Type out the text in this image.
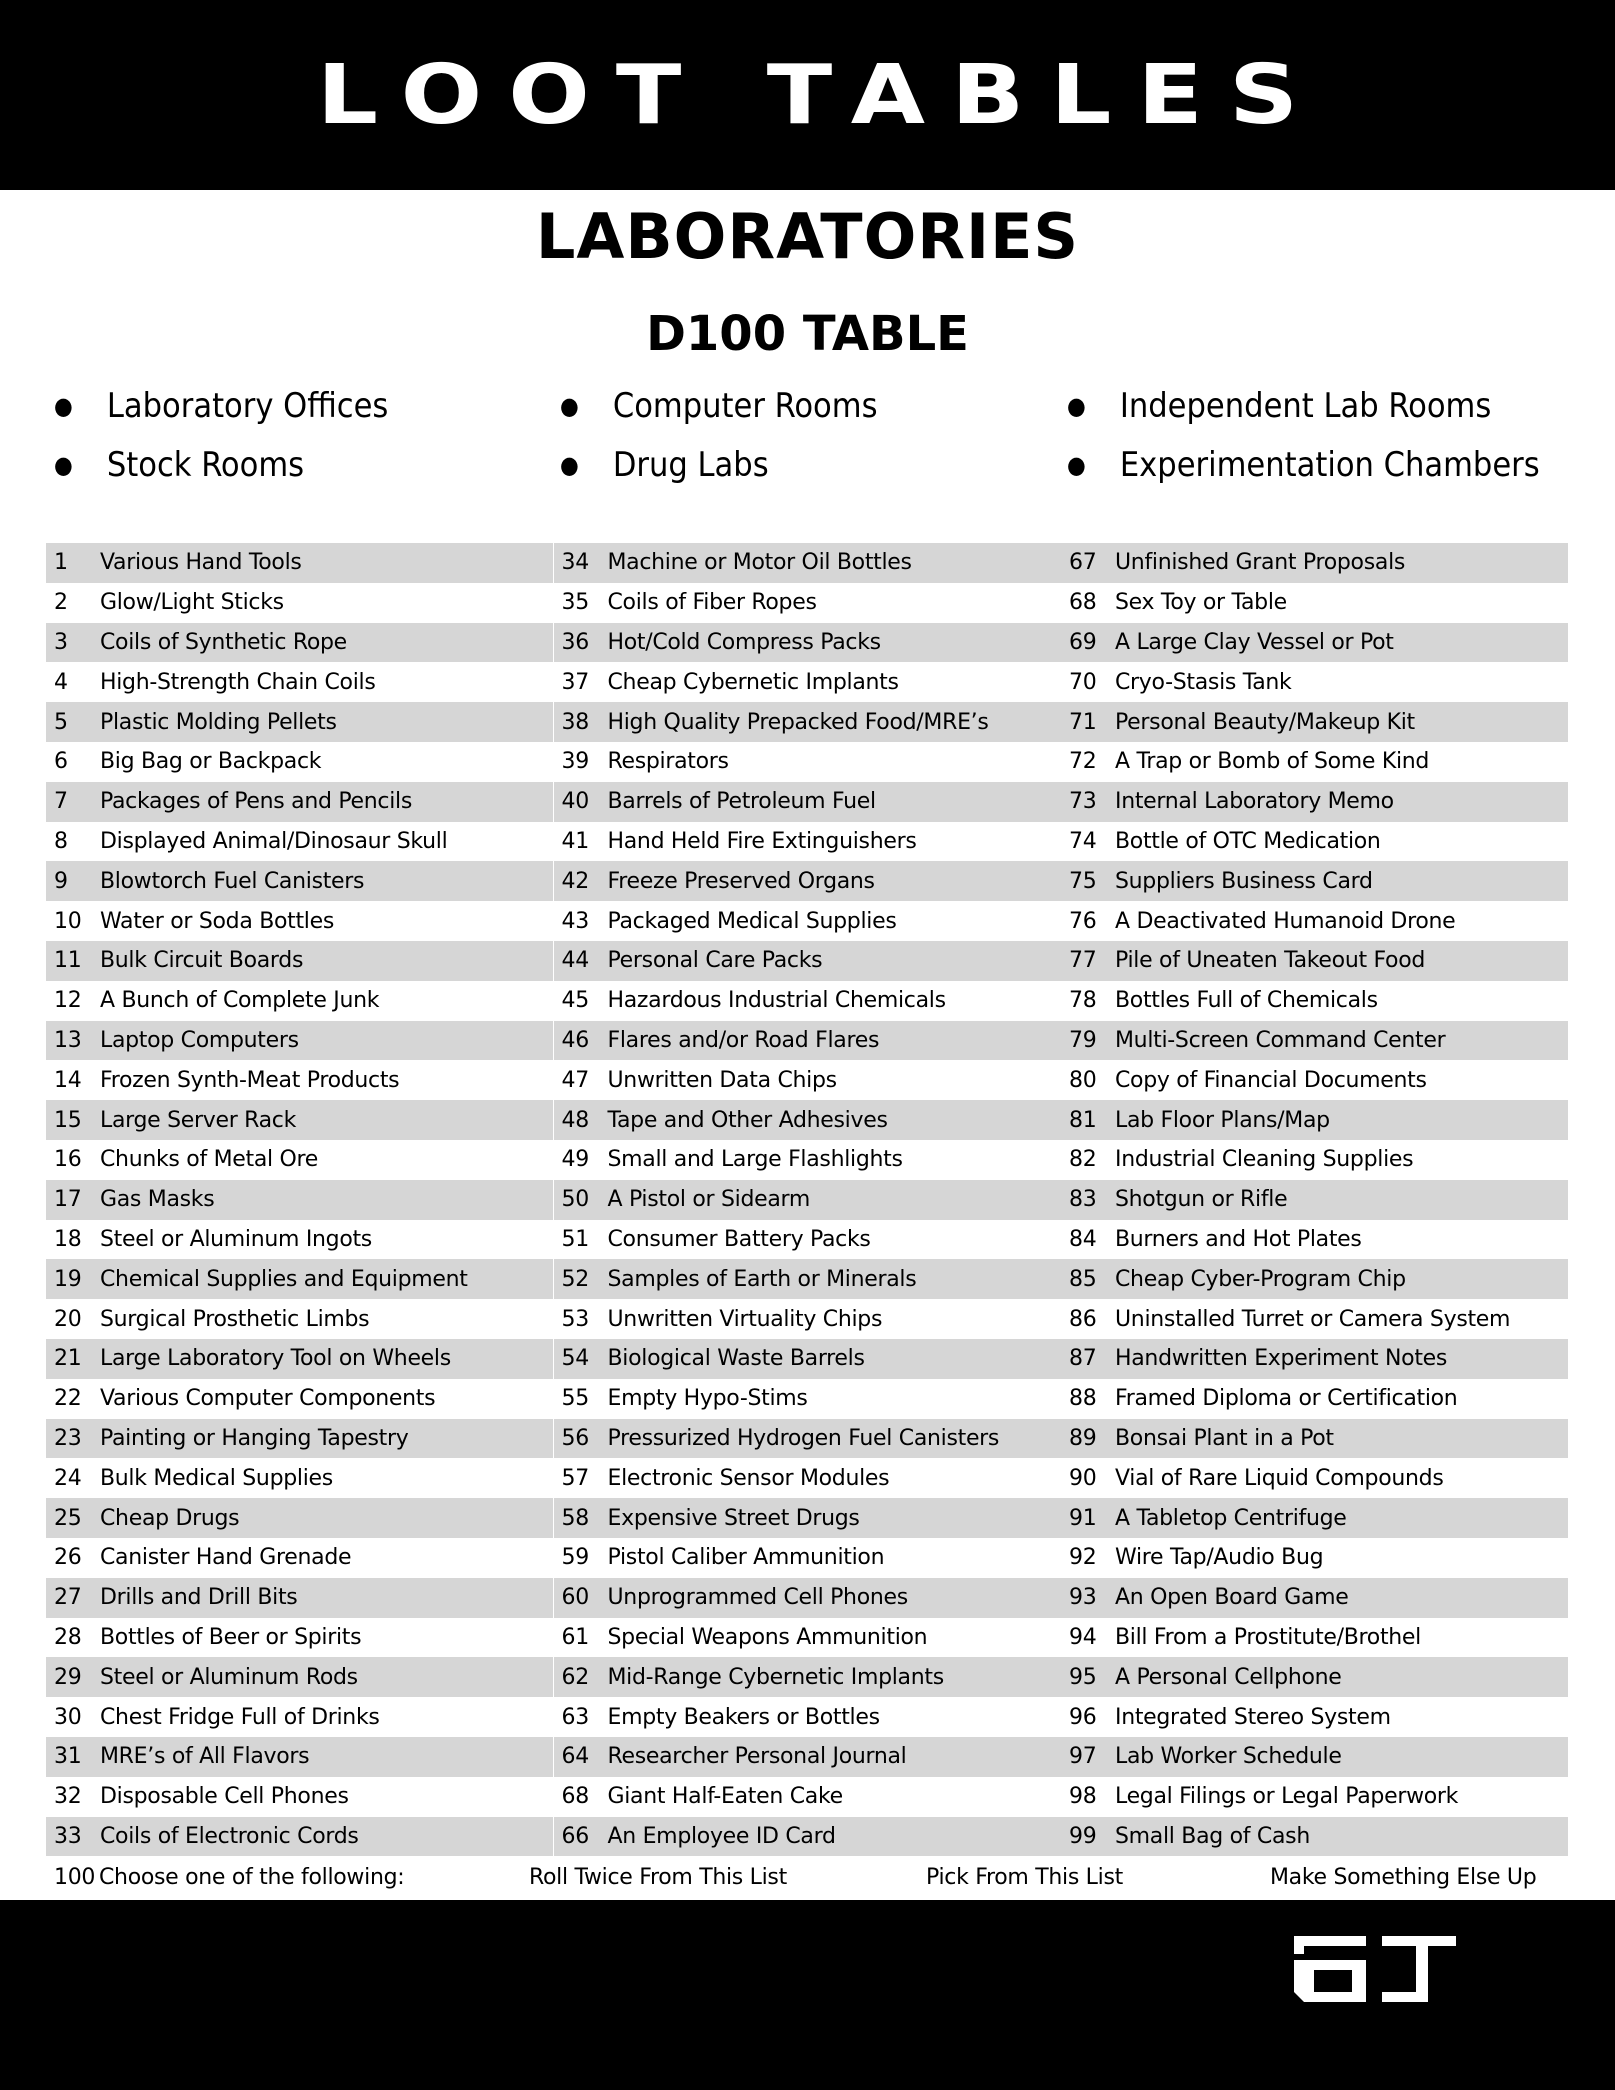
LOOT TABLES
LABORATORIES
D100 TABLE
● Laboratory Offices	● Computer Rooms	● Independent Lab Rooms
● Stock Rooms	● Drug Labs	● Experimentation Chambers
1	Various Hand Tools	34 Machine or Motor Oil Bottles	67 Unfinished Grant Proposals
2	Glow/Light Sticks	35 Coils of Fiber Ropes	68 Sex Toy or Table
3	Coils of Synthetic Rope	36 Hot/Cold Compress Packs	69 A Large Clay Vessel or Pot
4	High-Strength Chain Coils	37 Cheap Cybernetic Implants	70 Cryo-Stasis Tank
5	Plastic Molding Pellets	38 High Quality Prepacked Food/MRE’s	71 Personal Beauty/Makeup Kit
6	Big Bag or Backpack	39 Respirators	72 A Trap or Bomb of Some Kind
7	Packages of Pens and Pencils	40 Barrels of Petroleum Fuel	73 Internal Laboratory Memo
8	Displayed Animal/Dinosaur Skull	41 Hand Held Fire Extinguishers	74 Bottle of OTC Medication
9	Blowtorch Fuel Canisters	42 Freeze Preserved Organs	75 Suppliers Business Card
10 Water or Soda Bottles	43 Packaged Medical Supplies	76 A Deactivated Humanoid Drone
11 Bulk Circuit Boards	44 Personal Care Packs	77 Pile of Uneaten Takeout Food
12 A Bunch of Complete Junk	45 Hazardous Industrial Chemicals	78 Bottles Full of Chemicals
13 Laptop Computers	46 Flares and/or Road Flares	79 Multi-Screen Command Center
14 Frozen Synth-Meat Products	47 Unwritten Data Chips	80 Copy of Financial Documents
15 Large Server Rack	48 Tape and Other Adhesives	81 Lab Floor Plans/Map
16 Chunks of Metal Ore	49 Small and Large Flashlights	82 Industrial Cleaning Supplies
17 Gas Masks	50 A Pistol or Sidearm	83 Shotgun or Rifle
18 Steel or Aluminum Ingots	51 Consumer Battery Packs	84 Burners and Hot Plates
19 Chemical Supplies and Equipment	52 Samples of Earth or Minerals	85 Cheap Cyber-Program Chip
20 Surgical Prosthetic Limbs	53 Unwritten Virtuality Chips	86 Uninstalled Turret or Camera System
21 Large Laboratory Tool on Wheels	54 Biological Waste Barrels	87 Handwritten Experiment Notes
22 Various Computer Components	55 Empty Hypo-Stims	88 Framed Diploma or Certification
23 Painting or Hanging Tapestry	56 Pressurized Hydrogen Fuel Canisters	89 Bonsai Plant in a Pot
24 Bulk Medical Supplies	57 Electronic Sensor Modules	90 Vial of Rare Liquid Compounds
25 Cheap Drugs	58 Expensive Street Drugs	91 A Tabletop Centrifuge
26 Canister Hand Grenade	59 Pistol Caliber Ammunition	92 Wire Tap/Audio Bug
27 Drills and Drill Bits	60 Unprogrammed Cell Phones	93 An Open Board Game
28 Bottles of Beer or Spirits	61 Special Weapons Ammunition	94 Bill From a Prostitute/Brothel
29 Steel or Aluminum Rods	62 Mid-Range Cybernetic Implants	95 A Personal Cellphone
30 Chest Fridge Full of Drinks	63 Empty Beakers or Bottles	96 Integrated Stereo System
31 MRE’s of All Flavors	64 Researcher Personal Journal	97 Lab Worker Schedule
32 Disposable Cell Phones	68 Giant Half-Eaten Cake	98 Legal Filings or Legal Paperwork
33 Coils of Electronic Cords	66 An Employee ID Card	99 Small Bag of Cash
100 Choose one of the following:	Roll Twice From This List	Pick From This List	Make Something Else Up
